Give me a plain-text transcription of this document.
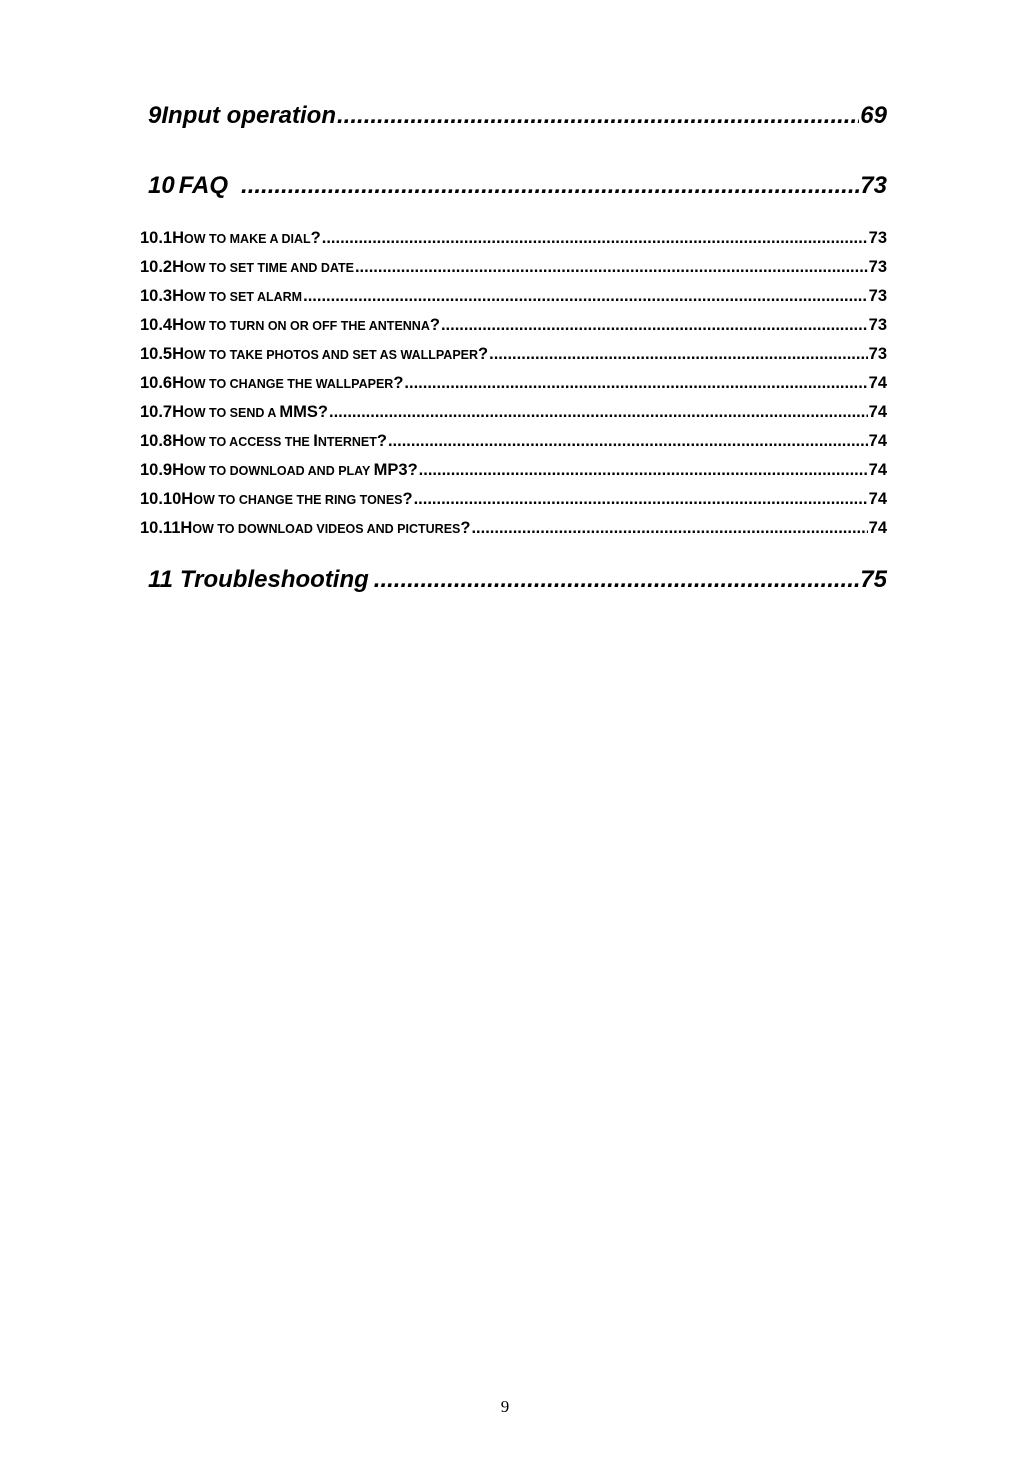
9 Input operation .....	69
10 FAQ .....	73
10.1 HOW TO MAKE A DIAL? .....	73
10.2 HOW TO SET TIME AND DATE .....	73
10.3 HOW TO SET ALARM .....	73
10.4 HOW TO TURN ON OR OFF THE ANTENNA? .....	73
10.5 HOW TO TAKE PHOTOS AND SET AS WALLPAPER? .....	73
10.6 HOW TO CHANGE THE WALLPAPER? .....	74
10.7 HOW TO SEND A MMS? .....	74
10.8 HOW TO ACCESS THE INTERNET? .....	74
10.9 HOW TO DOWNLOAD AND PLAY MP3? .....	74
10.10 HOW TO CHANGE THE RING TONES? .....	74
10.11 HOW TO DOWNLOAD VIDEOS AND PICTURES? .....	74
11 Troubleshooting .....	75
9
